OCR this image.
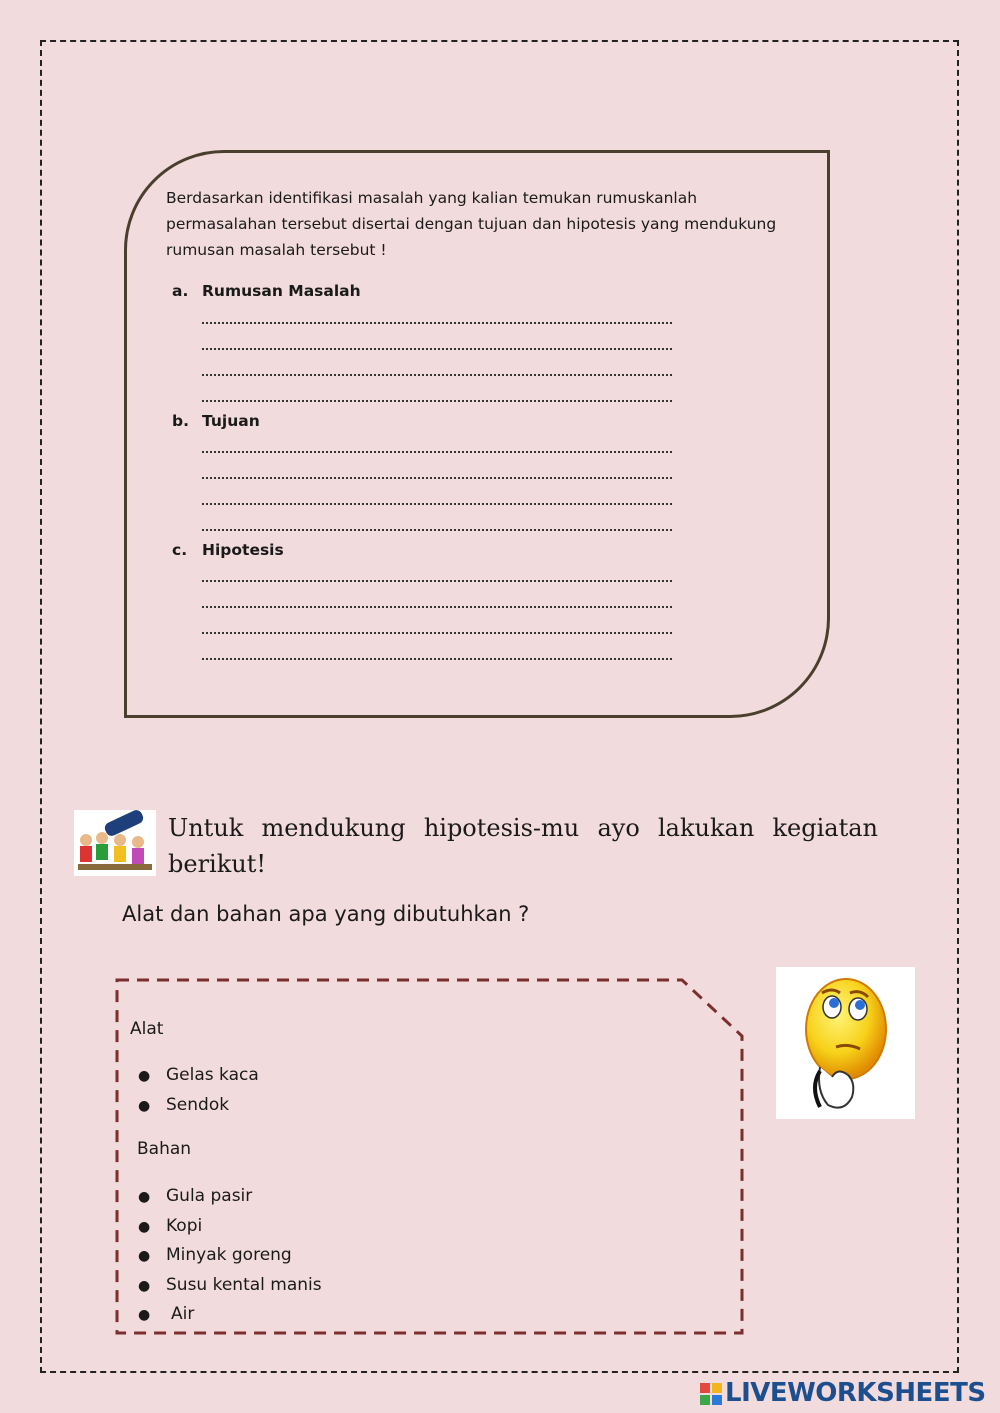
Berdasarkan identifikasi masalah yang kalian temukan rumuskanlah permasalahan tersebut disertai dengan tujuan dan hipotesis yang mendukung rumusan masalah tersebut !
a. Rumusan Masalah
b. Tujuan
c. Hipotesis
Untuk mendukung hipotesis-mu ayo lakukan kegiatan
berikut!
Alat dan bahan apa yang dibutuhkan ?
Alat
● Gelas kaca
● Sendok
Bahan
● Gula pasir
● Kopi
● Minyak goreng
● Susu kental manis
● Air
LIVEWORKSHEETS
